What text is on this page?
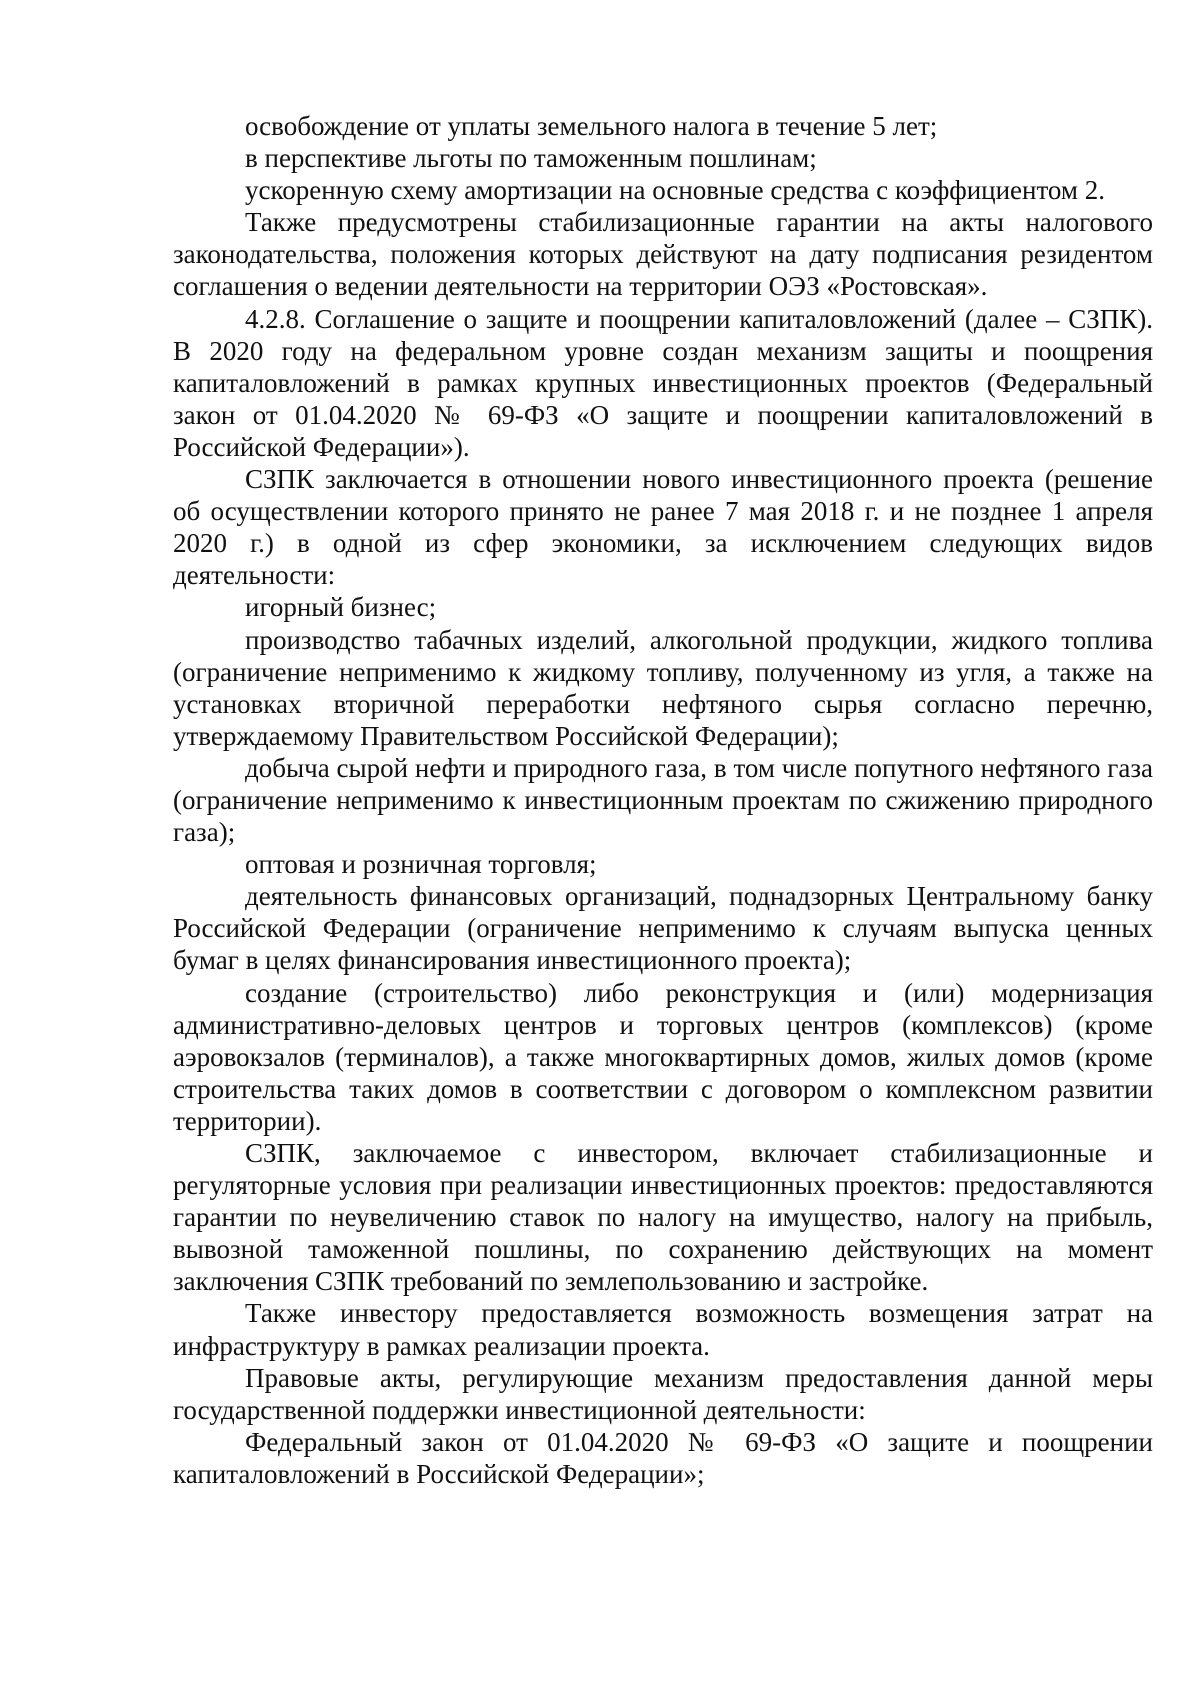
освобождение от уплаты земельного налога в течение 5 лет;

в перспективе льготы по таможенным пошлинам;

ускоренную схему амортизации на основные средства с коэффициентом 2.

Также предусмотрены стабилизационные гарантии на акты налогового законодательства, положения которых действуют на дату подписания резидентом соглашения о ведении деятельности на территории ОЭЗ «Ростовская».

4.2.8. Соглашение о защите и поощрении капиталовложений (далее – СЗПК). В 2020 году на федеральном уровне создан механизм защиты и поощрения капиталовложений в рамках крупных инвестиционных проектов (Федеральный закон от 01.04.2020 № 69-ФЗ «О защите и поощрении капиталовложений в Российской Федерации»).

СЗПК заключается в отношении нового инвестиционного проекта (решение об осуществлении которого принято не ранее 7 мая 2018 г. и не позднее 1 апреля 2020 г.) в одной из сфер экономики, за исключением следующих видов деятельности:

игорный бизнес;

производство табачных изделий, алкогольной продукции, жидкого топлива (ограничение неприменимо к жидкому топливу, полученному из угля, а также на установках вторичной переработки нефтяного сырья согласно перечню, утверждаемому Правительством Российской Федерации);

добыча сырой нефти и природного газа, в том числе попутного нефтяного газа (ограничение неприменимо к инвестиционным проектам по сжижению природного газа);

оптовая и розничная торговля;

деятельность финансовых организаций, поднадзорных Центральному банку Российской Федерации (ограничение неприменимо к случаям выпуска ценных бумаг в целях финансирования инвестиционного проекта);

создание (строительство) либо реконструкция и (или) модернизация административно-деловых центров и торговых центров (комплексов) (кроме аэровокзалов (терминалов), а также многоквартирных домов, жилых домов (кроме строительства таких домов в соответствии с договором о комплексном развитии территории).

СЗПК, заключаемое с инвестором, включает стабилизационные и регуляторные условия при реализации инвестиционных проектов: предоставляются гарантии по неувеличению ставок по налогу на имущество, налогу на прибыль, вывозной таможенной пошлины, по сохранению действующих на момент заключения СЗПК требований по землепользованию и застройке.

Также инвестору предоставляется возможность возмещения затрат на инфраструктуру в рамках реализации проекта.

Правовые акты, регулирующие механизм предоставления данной меры государственной поддержки инвестиционной деятельности:

Федеральный закон от 01.04.2020 № 69-ФЗ «О защите и поощрении капиталовложений в Российской Федерации»;
